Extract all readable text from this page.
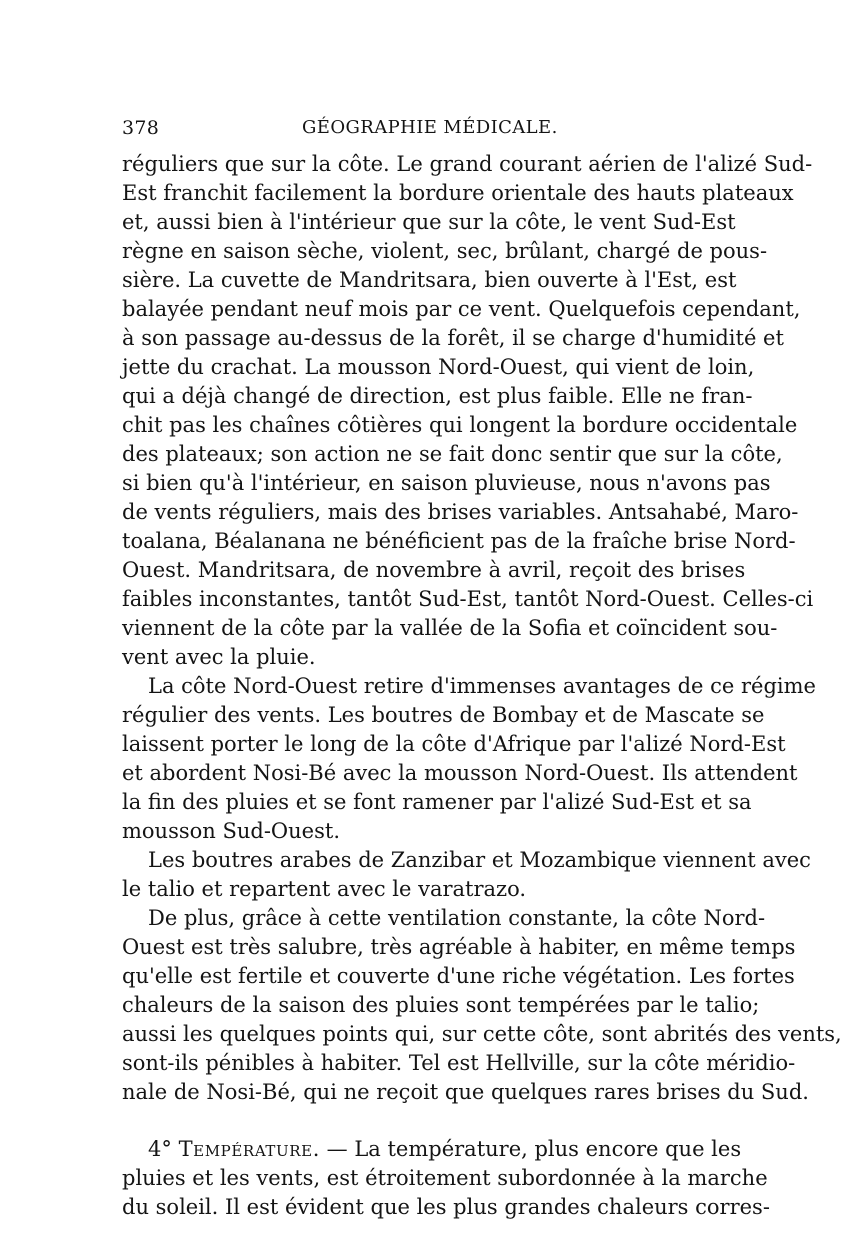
378	GÉOGRAPHIE MÉDICALE.
réguliers que sur la côte. Le grand courant aérien de l'alizé Sud-
Est franchit facilement la bordure orientale des hauts plateaux
et, aussi bien à l'intérieur que sur la côte, le vent Sud-Est
règne en saison sèche, violent, sec, brûlant, chargé de pous-
sière. La cuvette de Mandritsara, bien ouverte à l'Est, est
balayée pendant neuf mois par ce vent. Quelquefois cependant,
à son passage au-dessus de la forêt, il se charge d'humidité et
jette du crachat. La mousson Nord-Ouest, qui vient de loin,
qui a déjà changé de direction, est plus faible. Elle ne fran-
chit pas les chaînes côtières qui longent la bordure occidentale
des plateaux; son action ne se fait donc sentir que sur la côte,
si bien qu'à l'intérieur, en saison pluvieuse, nous n'avons pas
de vents réguliers, mais des brises variables. Antsahabé, Maro-
toalana, Béalanana ne bénéficient pas de la fraîche brise Nord-
Ouest. Mandritsara, de novembre à avril, reçoit des brises
faibles inconstantes, tantôt Sud-Est, tantôt Nord-Ouest. Celles-ci
viennent de la côte par la vallée de la Sofia et coïncident sou-
vent avec la pluie.
La côte Nord-Ouest retire d'immenses avantages de ce régime
régulier des vents. Les boutres de Bombay et de Mascate se
laissent porter le long de la côte d'Afrique par l'alizé Nord-Est
et abordent Nosi-Bé avec la mousson Nord-Ouest. Ils attendent
la fin des pluies et se font ramener par l'alizé Sud-Est et sa
mousson Sud-Ouest.
Les boutres arabes de Zanzibar et Mozambique viennent avec
le talio et repartent avec le varatrazo.
De plus, grâce à cette ventilation constante, la côte Nord-
Ouest est très salubre, très agréable à habiter, en même temps
qu'elle est fertile et couverte d'une riche végétation. Les fortes
chaleurs de la saison des pluies sont tempérées par le talio;
aussi les quelques points qui, sur cette côte, sont abrités des vents,
sont-ils pénibles à habiter. Tel est Hellville, sur la côte méridio-
nale de Nosi-Bé, qui ne reçoit que quelques rares brises du Sud.
4° Température. — La température, plus encore que les
pluies et les vents, est étroitement subordonnée à la marche
du soleil. Il est évident que les plus grandes chaleurs corres-
